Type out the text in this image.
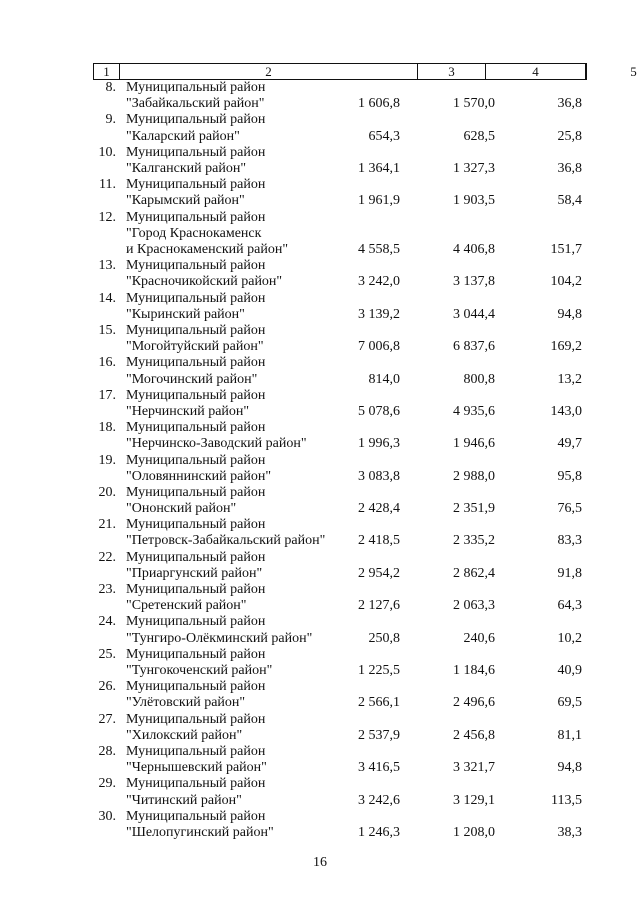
1	2	3	4	5
8. Муниципальный район
"Забайкальский район"	1 606,8	1 570,0	36,8
9. Муниципальный район
"Каларский район"	654,3	628,5	25,8
10. Муниципальный район
"Калганский район"	1 364,1	1 327,3	36,8
11. Муниципальный район
"Карымский район"	1 961,9	1 903,5	58,4
12. Муниципальный район
"Город Краснокаменск
и Краснокаменский район"	4 558,5	4 406,8	151,7
13. Муниципальный район
"Красночикойский район"	3 242,0	3 137,8	104,2
14. Муниципальный район
"Кыринский район"	3 139,2	3 044,4	94,8
15. Муниципальный район
"Могойтуйский район"	7 006,8	6 837,6	169,2
16. Муниципальный район
"Могочинский район"	814,0	800,8	13,2
17. Муниципальный район
"Нерчинский район"	5 078,6	4 935,6	143,0
18. Муниципальный район
"Нерчинско-Заводский район"	1 996,3	1 946,6	49,7
19. Муниципальный район
"Оловяннинский район"	3 083,8	2 988,0	95,8
20. Муниципальный район
"Ононский район"	2 428,4	2 351,9	76,5
21. Муниципальный район
"Петровск-Забайкальский район" 2 418,5	2 335,2	83,3
22. Муниципальный район
"Приаргунский район"	2 954,2	2 862,4	91,8
23. Муниципальный район
"Сретенский район"	2 127,6	2 063,3	64,3
24. Муниципальный район
"Тунгиро-Олёкминский район"	250,8	240,6	10,2
25. Муниципальный район
"Тунгокоченский район"	1 225,5	1 184,6	40,9
26. Муниципальный район
"Улётовский район"	2 566,1	2 496,6	69,5
27. Муниципальный район
"Хилокский район"	2 537,9	2 456,8	81,1
28. Муниципальный район
"Чернышевский район"	3 416,5	3 321,7	94,8
29. Муниципальный район
"Читинский район"	3 242,6	3 129,1	113,5
30. Муниципальный район
"Шелопугинский район"	1 246,3	1 208,0	38,3
16
